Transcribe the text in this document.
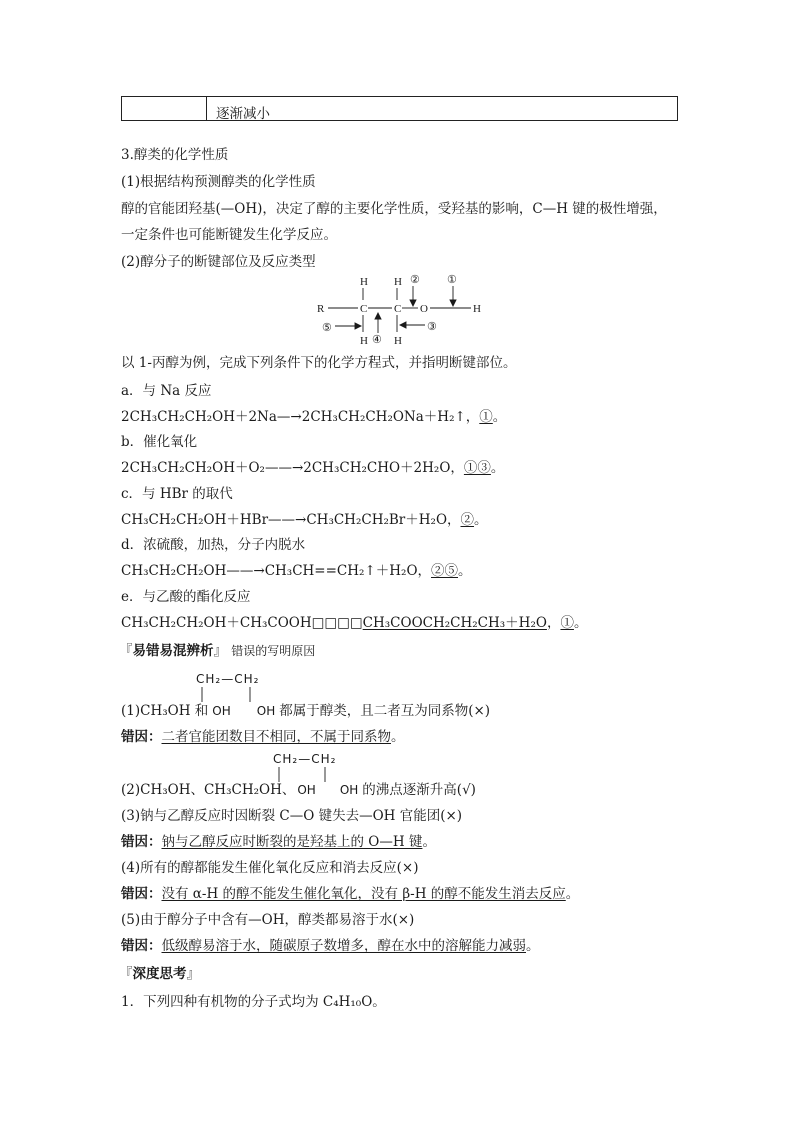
逐渐减小
3.醇类的化学性质
(1)根据结构预测醇类的化学性质
醇的官能团羟基(—OH)，决定了醇的主要化学性质，受羟基的影响，C—H 键的极性增强，
一定条件也可能断键发生化学反应。
(2)醇分子的断键部位及反应类型
R
H H
C C O	H
H H
② ①
③
④
⑤
以 1-丙醇为例，完成下列条件下的化学方程式，并指明断键部位。
a．与 Na 反应
2CH₃CH₂CH₂OH＋2Na—→2CH₃CH₂CH₂ONa＋H₂↑，①。
b．催化氧化
2CH₃CH₂CH₂OH＋O₂——→2CH₃CH₂CHO＋2H₂O，①③。
c．与 HBr 的取代
CH₃CH₂CH₂OH＋HBr——→CH₃CH₂CH₂Br＋H₂O，②。
d．浓硫酸，加热，分子内脱水
CH₃CH₂CH₂OH——→CH₃CH==CH₂↑＋H₂O，②⑤。
e．与乙酸的酯化反应
CH₃CH₂CH₂OH＋CH₃COOH□□□□CH₃COOCH₂CH₂CH₃＋H₂O，①。
『易错易混辨析』 错误的写明原因
CH₂—CH₂
(1)CH₃OH 和 OH OH 都属于醇类，且二者互为同系物(×)
错因：二者官能团数目不相同，不属于同系物。
CH₂—CH₂
(2)CH₃OH、CH₃CH₂OH、 OH OH 的沸点逐渐升高(√)
(3)钠与乙醇反应时因断裂 C—O 键失去—OH 官能团(×)
错因：钠与乙醇反应时断裂的是羟基上的 O—H 键。
(4)所有的醇都能发生催化氧化反应和消去反应(×)
错因：没有 α-H 的醇不能发生催化氧化，没有 β-H 的醇不能发生消去反应。
(5)由于醇分子中含有—OH，醇类都易溶于水(×)
错因：低级醇易溶于水，随碳原子数增多，醇在水中的溶解能力减弱。
『深度思考』
1．下列四种有机物的分子式均为 C₄H₁₀O。
